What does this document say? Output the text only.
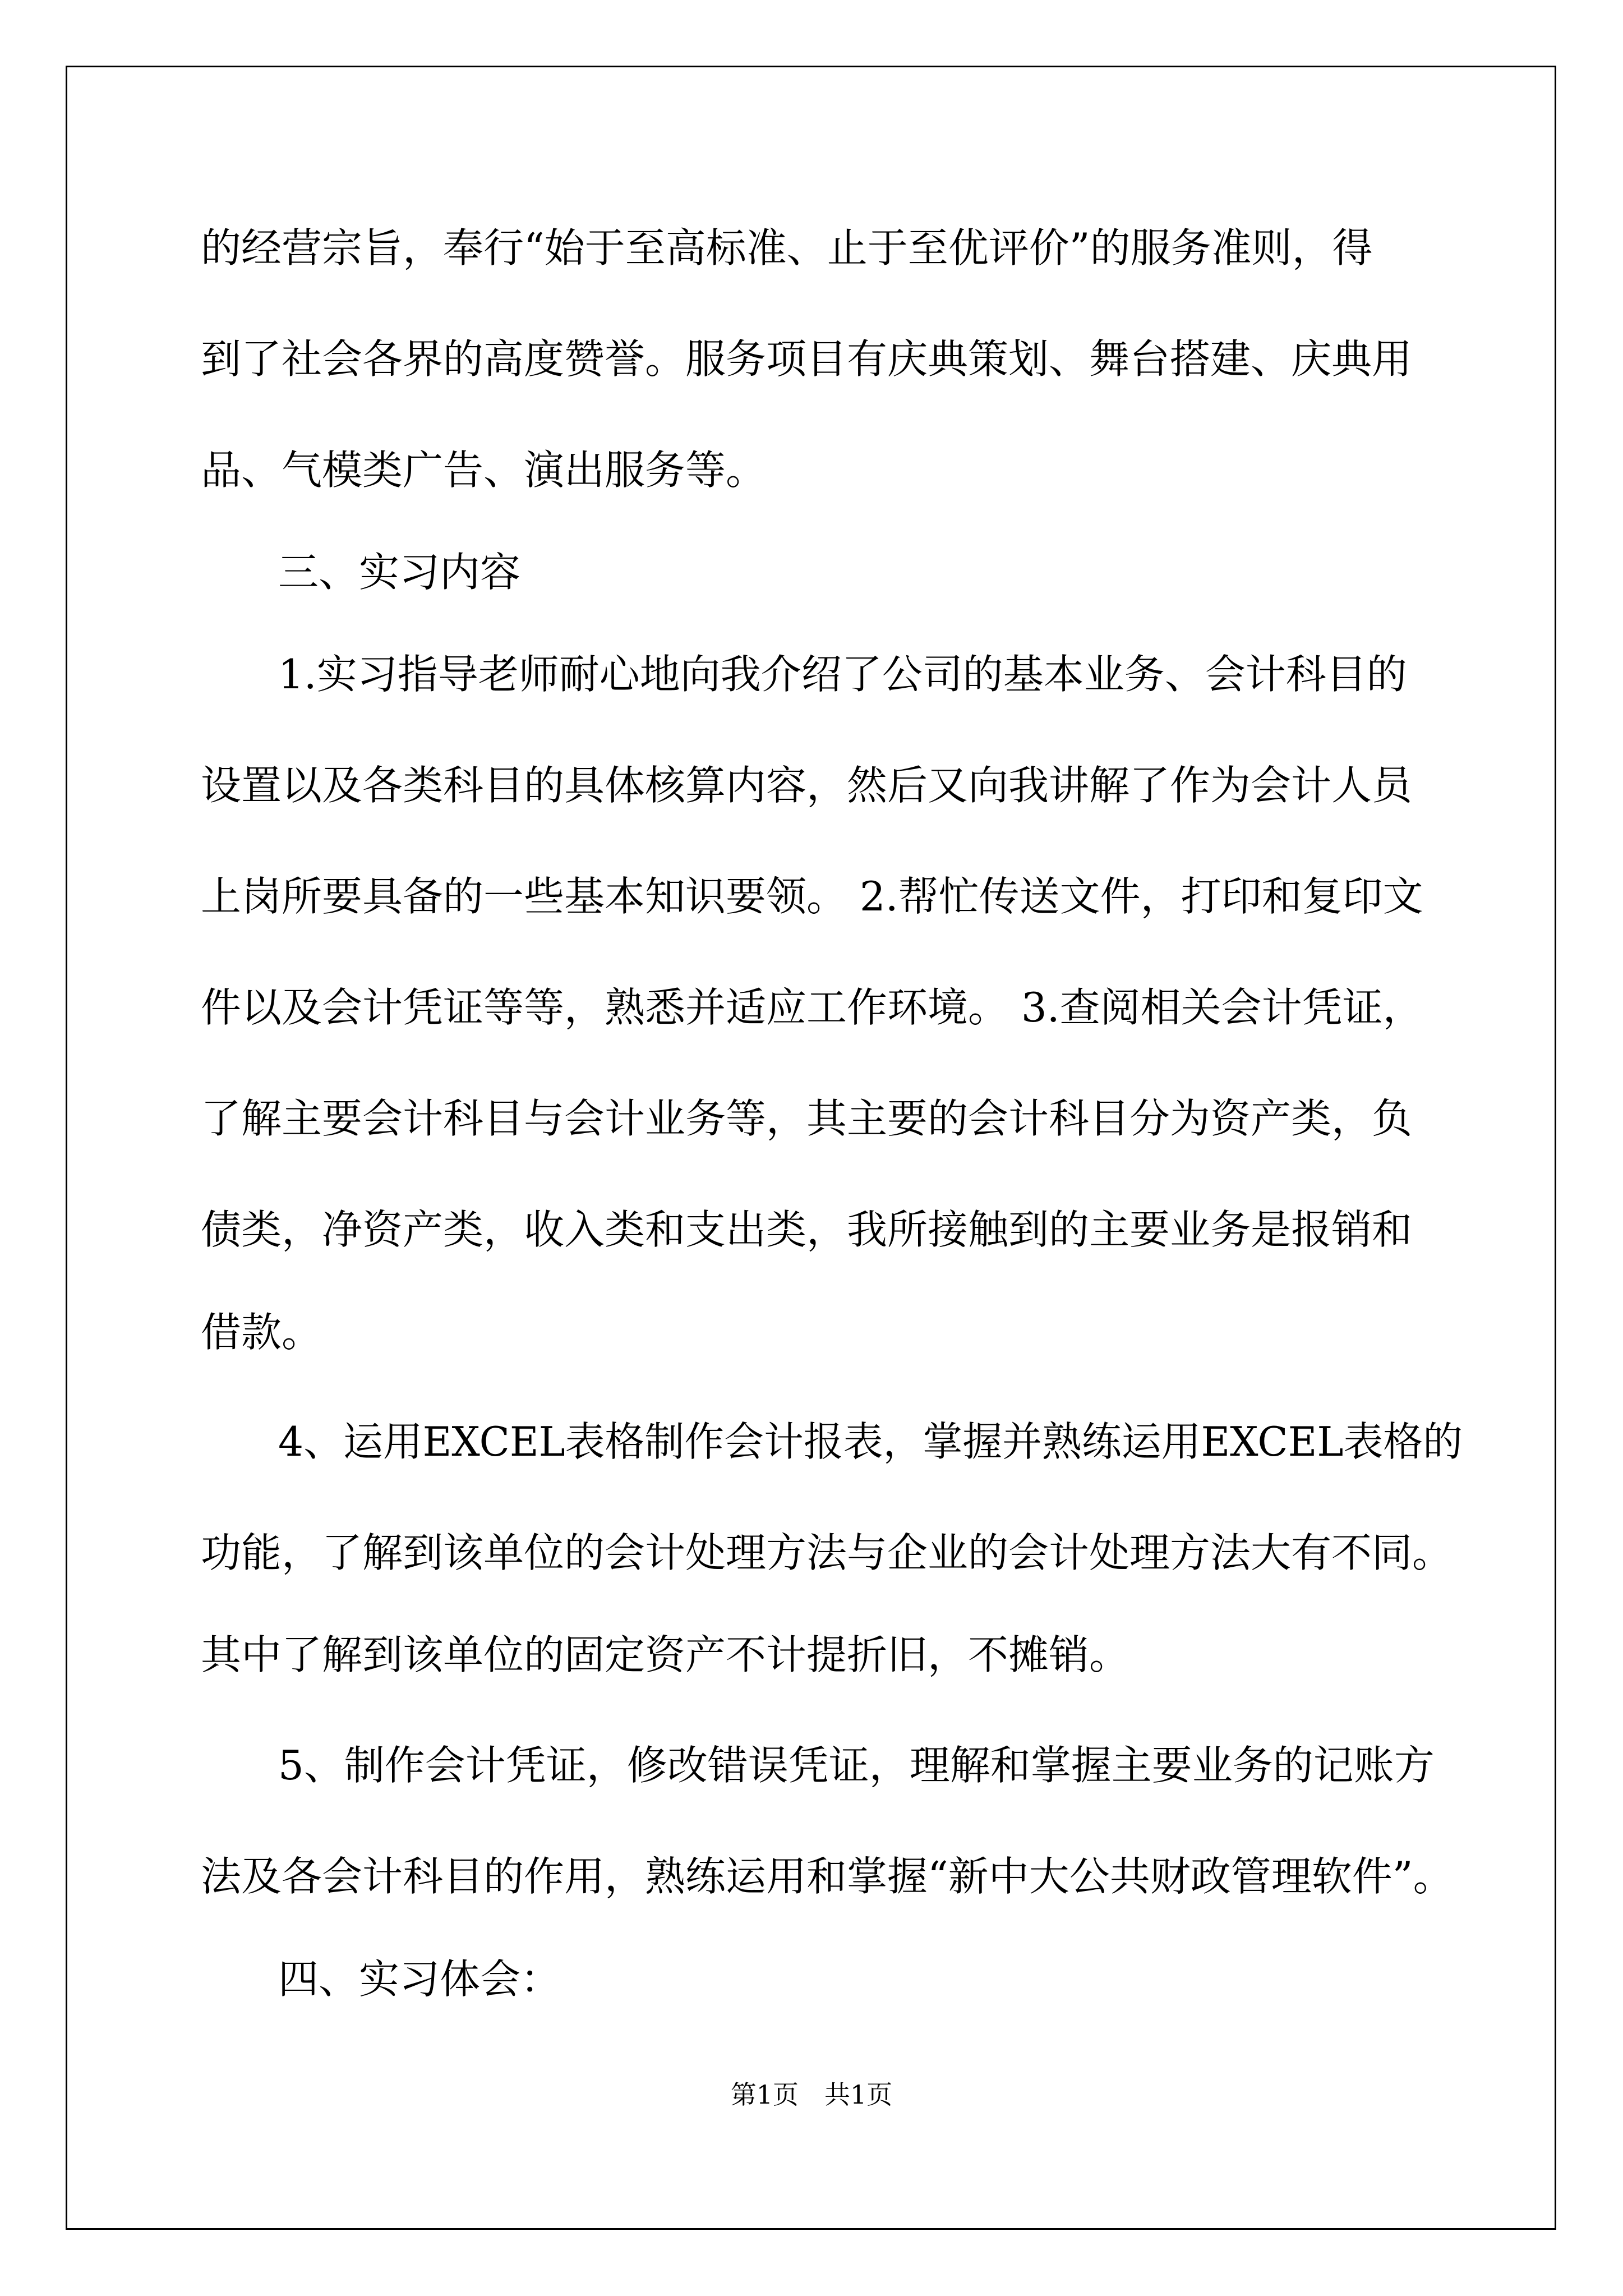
的经营宗旨，奉行“始于至高标准、止于至优评价”的服务准则，得
到了社会各界的高度赞誉。服务项目有庆典策划、舞台搭建、庆典用
品、气模类广告、演出服务等。
三、实习内容
1.实习指导老师耐心地向我介绍了公司的基本业务、会计科目的
设置以及各类科目的具体核算内容，然后又向我讲解了作为会计人员
上岗所要具备的一些基本知识要领。 2.帮忙传送文件，打印和复印文
件以及会计凭证等等，熟悉并适应工作环境。 3.查阅相关会计凭证，
了解主要会计科目与会计业务等，其主要的会计科目分为资产类，负
债类，净资产类，收入类和支出类，我所接触到的主要业务是报销和
借款。
4、运用EXCEL表格制作会计报表，掌握并熟练运用EXCEL表格的
功能，了解到该单位的会计处理方法与企业的会计处理方法大有不同。
其中了解到该单位的固定资产不计提折旧，不摊销。
5、制作会计凭证，修改错误凭证，理解和掌握主要业务的记账方
法及各会计科目的作用，熟练运用和掌握“新中大公共财政管理软件”。
四、实习体会：
第1页　共1页
